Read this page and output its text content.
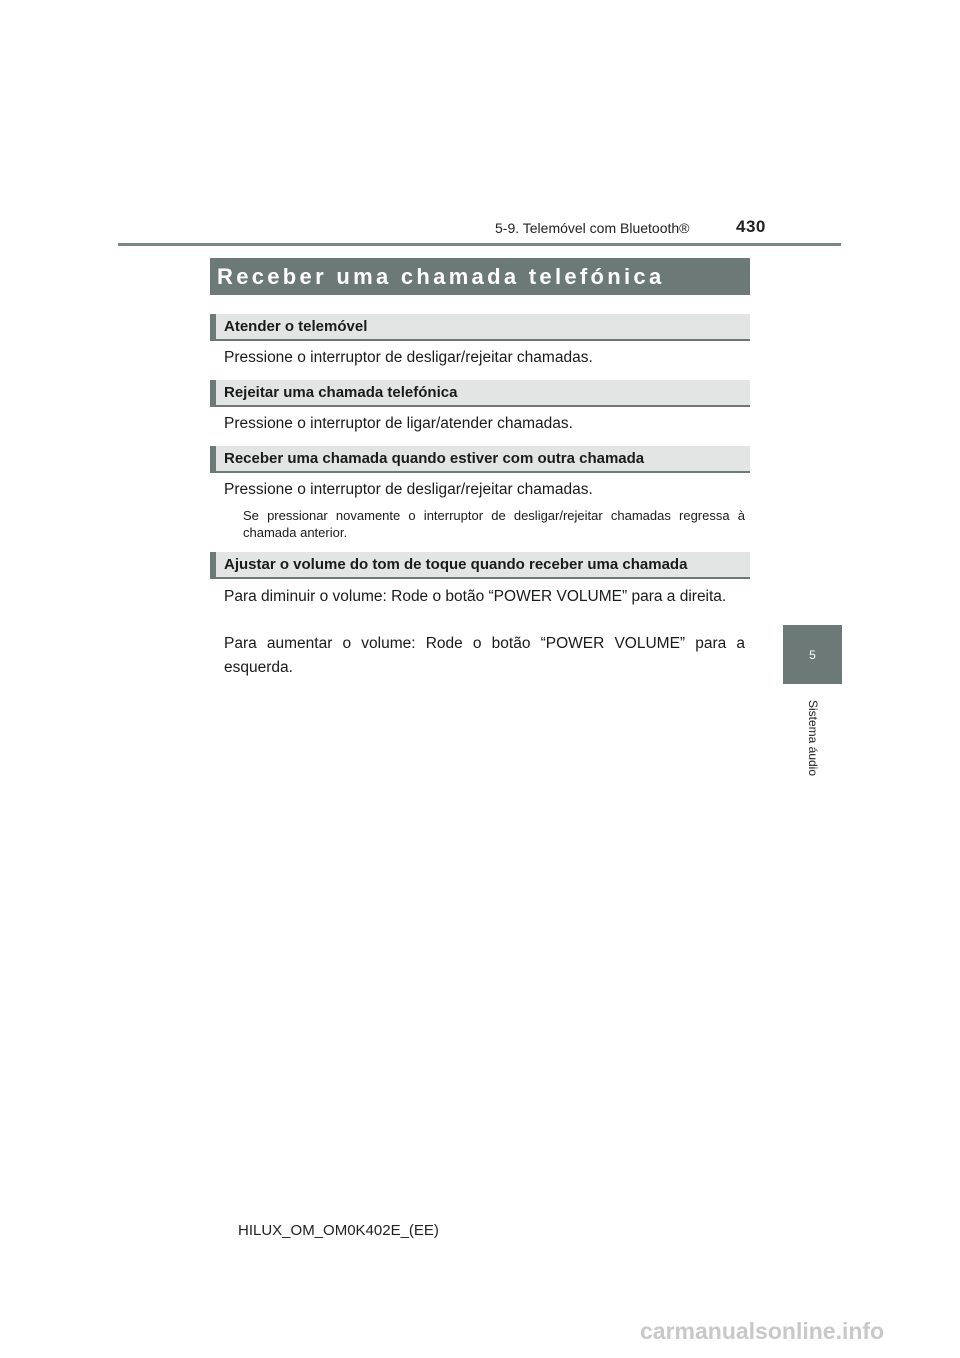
5-9. Telemóvel com Bluetooth®	430
5
Sistema áudio
Receber uma chamada telefónica
Atender o telemóvel
Pressione o interruptor de desligar/rejeitar chamadas.
Rejeitar uma chamada telefónica
Pressione o interruptor de ligar/atender chamadas.
Receber uma chamada quando estiver com outra chamada
Pressione o interruptor de desligar/rejeitar chamadas.
Se pressionar novamente o interruptor de desligar/rejeitar chamadas regressa à chamada anterior.
Ajustar o volume do tom de toque quando receber uma chamada
Para diminuir o volume: Rode o botão “POWER VOLUME” para a direita.
Para aumentar o volume: Rode o botão “POWER VOLUME” para a esquerda.
HILUX_OM_OM0K402E_(EE)
carmanualsonline.info
